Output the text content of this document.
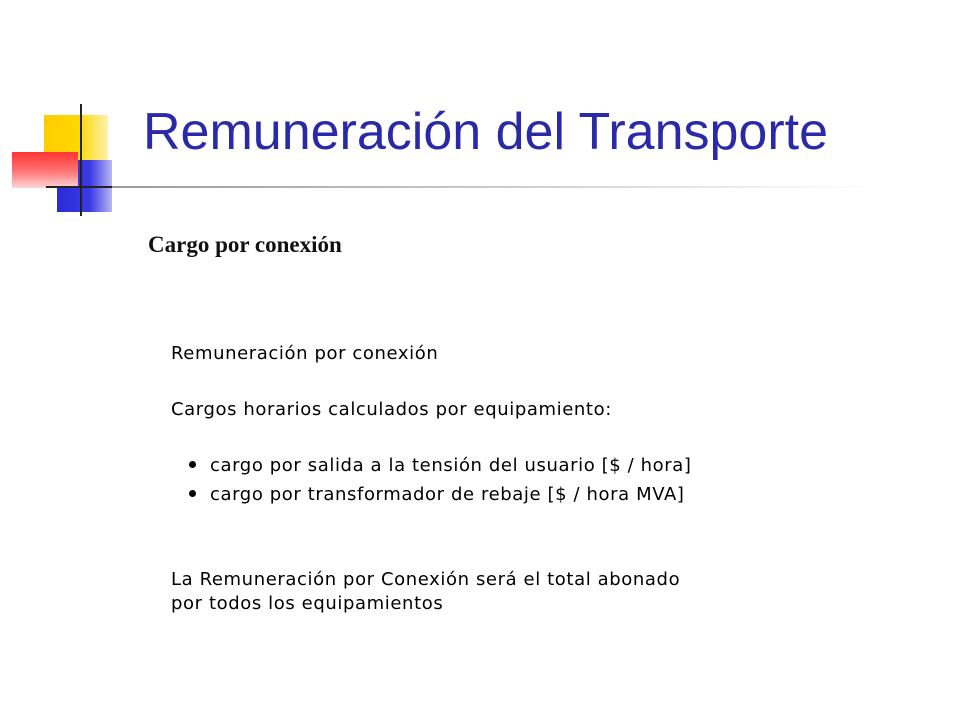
Remuneración del Transporte
Cargo por conexión
Remuneración por conexión
Cargos horarios calculados por equipamiento:
cargo por salida a la tensión del usuario [$ / hora]
cargo por transformador de rebaje [$ / hora MVA]
La Remuneración por Conexión será el total abonado
por todos los equipamientos
